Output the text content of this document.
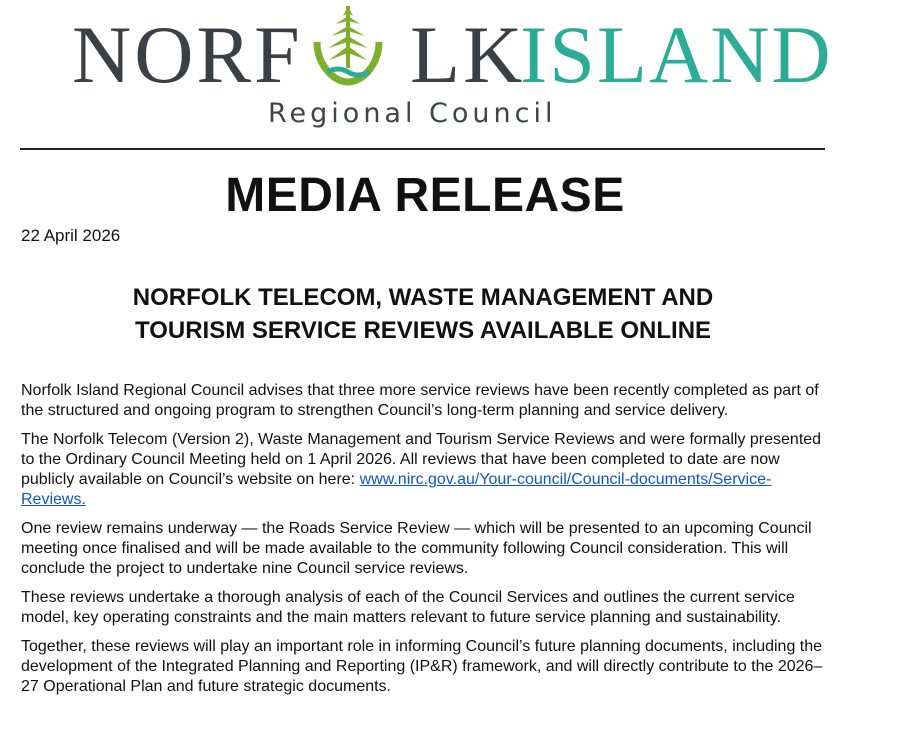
NORF LK
ISLAND
Regional Council
MEDIA RELEASE
22 April 2026
NORFOLK TELECOM, WASTE MANAGEMENT AND
TOURISM SERVICE REVIEWS AVAILABLE ONLINE

Norfolk Island Regional Council advises that three more service reviews have been recently completed as part of the structured and ongoing program to strengthen Council’s long-term planning and service delivery.

The Norfolk Telecom (Version 2), Waste Management and Tourism Service Reviews and were formally presented to the Ordinary Council Meeting held on 1 April 2026. All reviews that have been completed to date are now publicly available on Council’s website on here: www.nirc.gov.au/Your-council/Council-documents/Service-Reviews.

One review remains underway — the Roads Service Review — which will be presented to an upcoming Council meeting once finalised and will be made available to the community following Council consideration. This will conclude the project to undertake nine Council service reviews.

These reviews undertake a thorough analysis of each of the Council Services and outlines the current service model, key operating constraints and the main matters relevant to future service planning and sustainability.

Together, these reviews will play an important role in informing Council’s future planning documents, including the development of the Integrated Planning and Reporting (IP&R) framework, and will directly contribute to the 2026–27 Operational Plan and future strategic documents.
